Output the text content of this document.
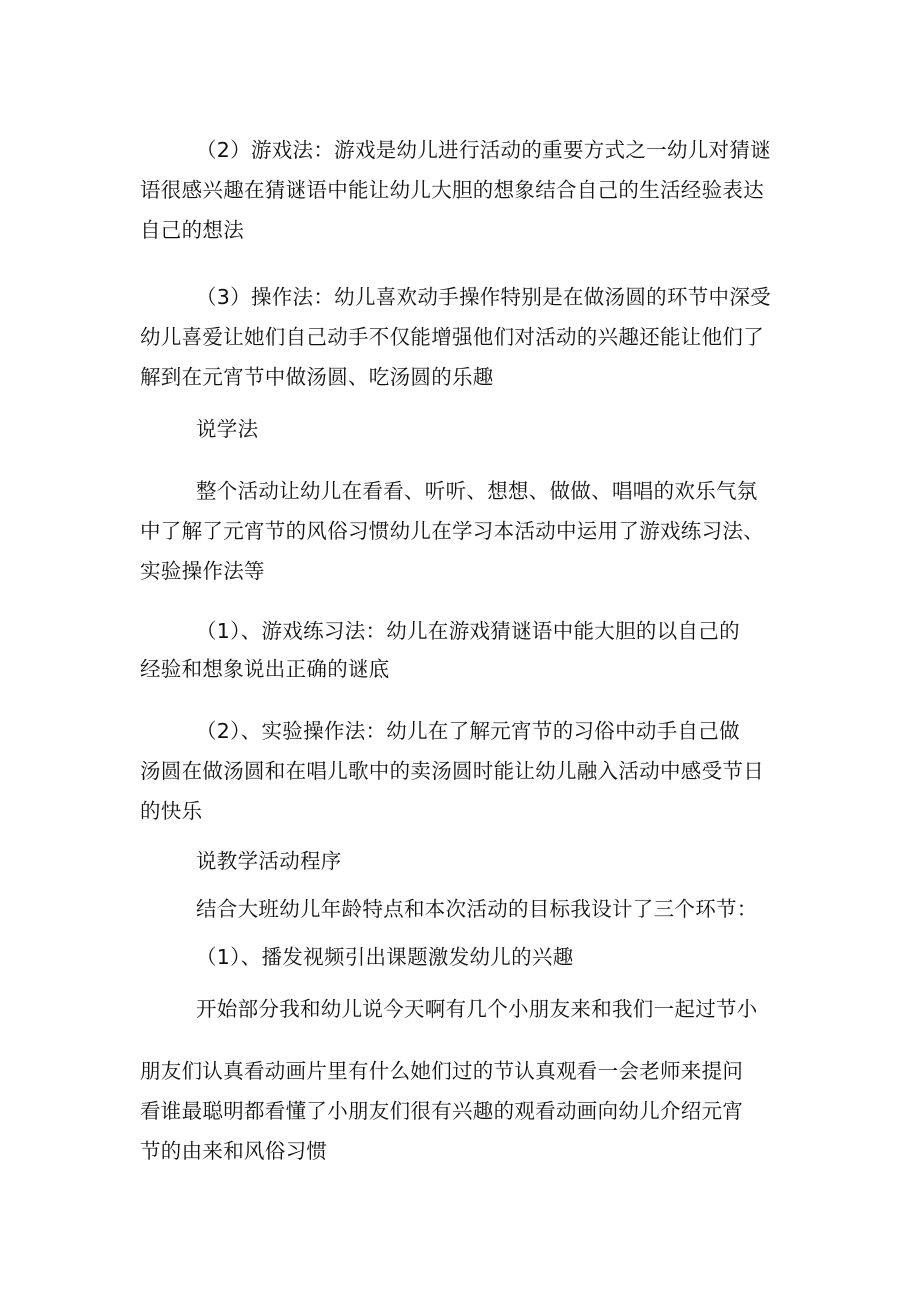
（2）游戏法：游戏是幼儿进行活动的重要方式之一幼儿对猜谜
语很感兴趣在猜谜语中能让幼儿大胆的想象结合自己的生活经验表达
自己的想法
（3）操作法：幼儿喜欢动手操作特别是在做汤圆的环节中深受
幼儿喜爱让她们自己动手不仅能增强他们对活动的兴趣还能让他们了
解到在元宵节中做汤圆、吃汤圆的乐趣
说学法
整个活动让幼儿在看看、听听、想想、做做、唱唱的欢乐气氛
中了解了元宵节的风俗习惯幼儿在学习本活动中运用了游戏练习法、
实验操作法等
（1）、游戏练习法：幼儿在游戏猜谜语中能大胆的以自己的
经验和想象说出正确的谜底
（2）、实验操作法：幼儿在了解元宵节的习俗中动手自己做
汤圆在做汤圆和在唱儿歌中的卖汤圆时能让幼儿融入活动中感受节日
的快乐
说教学活动程序
结合大班幼儿年龄特点和本次活动的目标我设计了三个环节：
（1）、播发视频引出课题激发幼儿的兴趣
开始部分我和幼儿说今天啊有几个小朋友来和我们一起过节小
朋友们认真看动画片里有什么她们过的节认真观看一会老师来提问
看谁最聪明都看懂了小朋友们很有兴趣的观看动画向幼儿介绍元宵
节的由来和风俗习惯
